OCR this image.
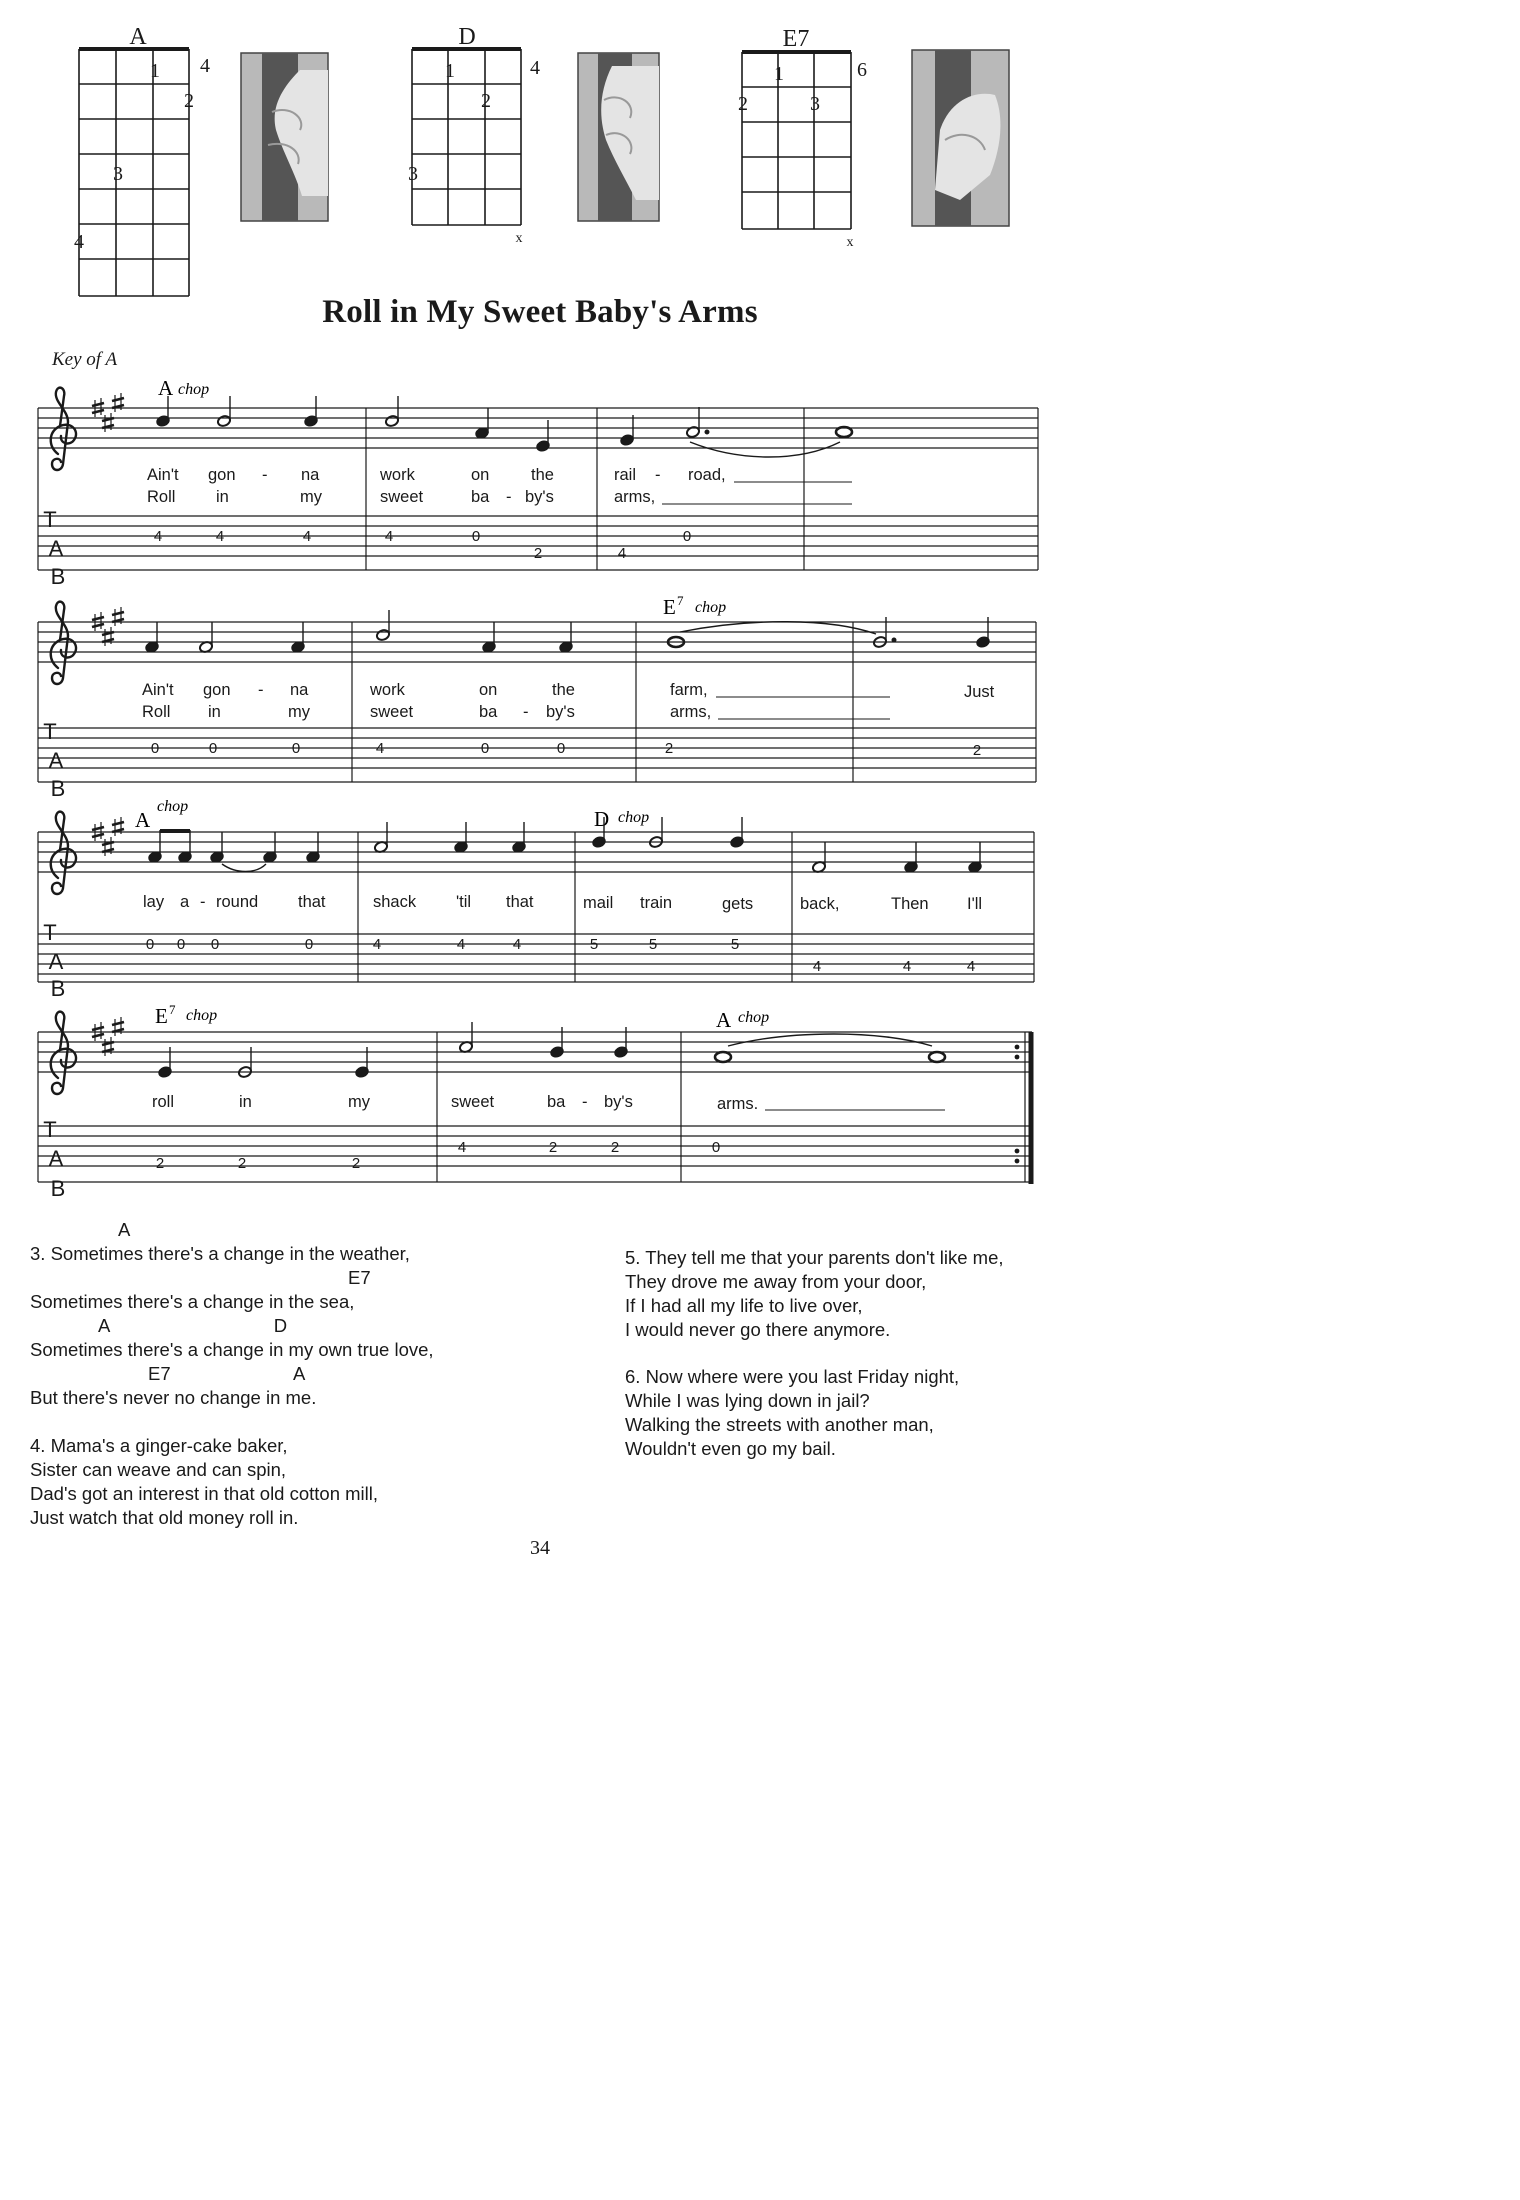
A
1
2
3
4
4
D
1
2
3
4
x
E7
1
2	3
6
x
T
A
B
A chop
Ain't gon - na	work	on	the	rail - road,
Roll in	my	sweet	ba - by's	arms,
4	4	4	4	0
2	4
0
T
A
B
E 7 chop
Ain't gon - na	work	on	the	farm,	Just
Roll in	my	sweet	ba - by's	arms,
0	0	0	4	0	0	2	2
T
A
B
A
chop
D chop
lay a - round that	shack 'til that	mail train	gets	back,	Then I'll
0 0 0	0	4	4	4	5	5	5
4	4	4
T
A
B
E 7 chop	A chop
roll	in	my	sweet	ba - by's	arms.
2	2	2
4	2	2	0
Roll in My Sweet Baby's Arms
Key of A
A
3. Sometimes there's a change in the weather,
E7
Sometimes there's a change in the sea,
A                                D
Sometimes there's a change in my own true love,
E7                        A
But there's never no change in me.
4. Mama's a ginger-cake baker,
Sister can weave and can spin,
Dad's got an interest in that old cotton mill,
Just watch that old money roll in.
5. They tell me that your parents don't like me,
They drove me away from your door,
If I had all my life to live over,
I would never go there anymore.
6. Now where were you last Friday night,
While I was lying down in jail?
Walking the streets with another man,
Wouldn't even go my bail.
34
